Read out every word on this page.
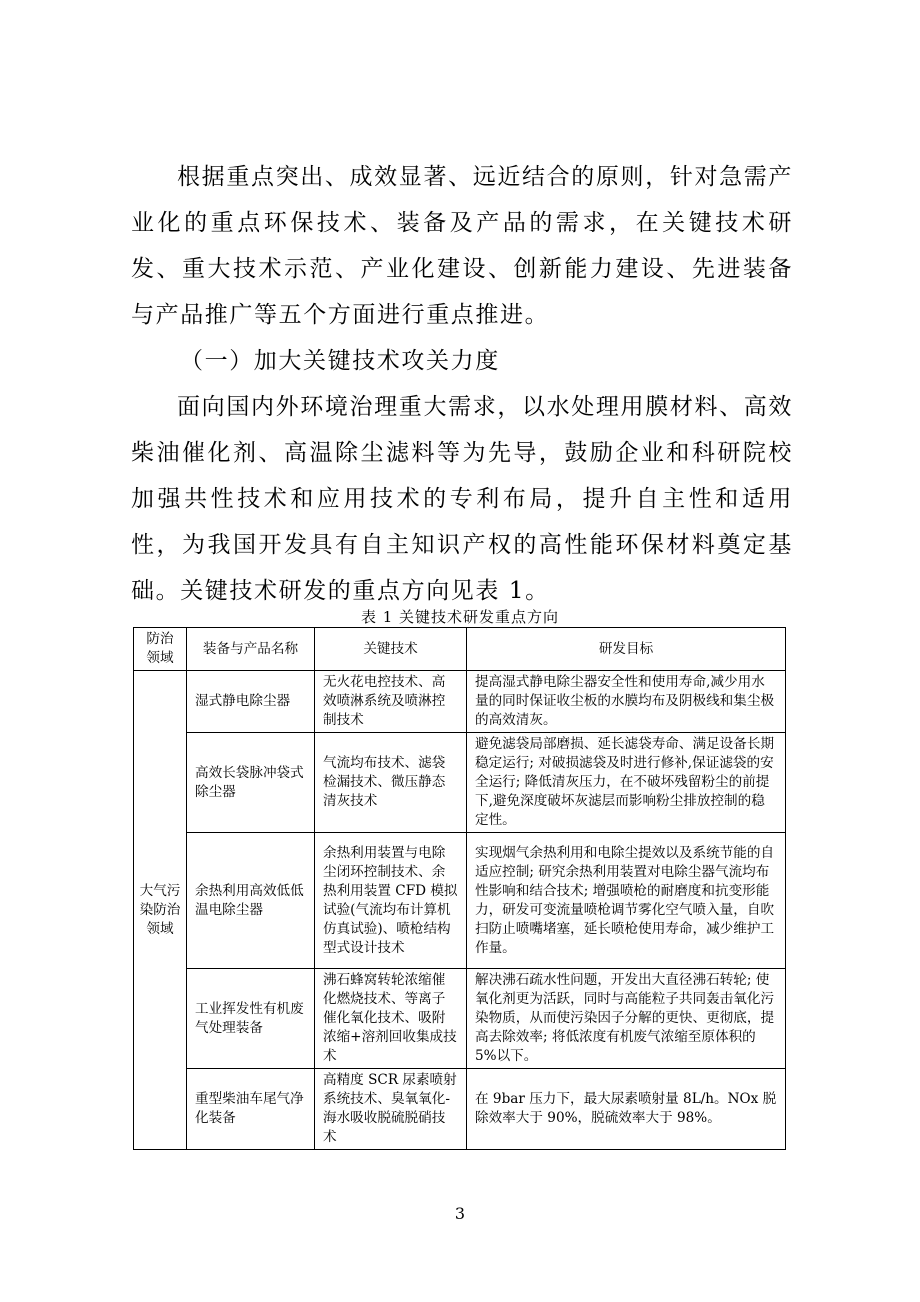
根据重点突出、成效显著、远近结合的原则，针对急需产业化的重点环保技术、装备及产品的需求，在关键技术研发、重大技术示范、产业化建设、创新能力建设、先进装备与产品推广等五个方面进行重点推进。

（一）加大关键技术攻关力度

面向国内外环境治理重大需求，以水处理用膜材料、高效柴油催化剂、高温除尘滤料等为先导，鼓励企业和科研院校加强共性技术和应用技术的专利布局，提升自主性和适用性，为我国开发具有自主知识产权的高性能环保材料奠定基础。关键技术研发的重点方向见表 1。

表 1 关键技术研发重点方向
防治领域	装备与产品名称	关键技术	研发目标
大气污染防治领域	湿式静电除尘器	无火花电控技术、高效喷淋系统及喷淋控制技术	提高湿式静电除尘器安全性和使用寿命,减少用水量的同时保证收尘板的水膜均布及阴极线和集尘极的高效清灰。
	高效长袋脉冲袋式除尘器	气流均布技术、滤袋检漏技术、微压静态清灰技术	避免滤袋局部磨损、延长滤袋寿命、满足设备长期稳定运行; 对破损滤袋及时进行修补,保证滤袋的安全运行; 降低清灰压力，在不破坏残留粉尘的前提下,避免深度破坏灰滤层而影响粉尘排放控制的稳定性。
	余热利用高效低低温电除尘器	余热利用装置与电除尘闭环控制技术、余热利用装置 CFD 模拟试验(气流均布计算机仿真试验)、喷枪结构型式设计技术	实现烟气余热利用和电除尘提效以及系统节能的自适应控制; 研究余热利用装置对电除尘器气流均布性影响和结合技术; 增强喷枪的耐磨度和抗变形能力，研发可变流量喷枪调节雾化空气喷入量，自吹扫防止喷嘴堵塞，延长喷枪使用寿命，减少维护工作量。
	工业挥发性有机废气处理装备	沸石蜂窝转轮浓缩催化燃烧技术、等离子催化氧化技术、吸附浓缩+溶剂回收集成技术	解决沸石疏水性问题，开发出大直径沸石转轮; 使氧化剂更为活跃，同时与高能粒子共同轰击氧化污染物质，从而使污染因子分解的更快、更彻底，提高去除效率; 将低浓度有机废气浓缩至原体积的 5%以下。
	重型柴油车尾气净化装备	高精度 SCR 尿素喷射系统技术、臭氧氧化-海水吸收脱硫脱硝技术	在 9bar 压力下，最大尿素喷射量 8L/h。NOx 脱除效率大于 90%，脱硫效率大于 98%。
3
